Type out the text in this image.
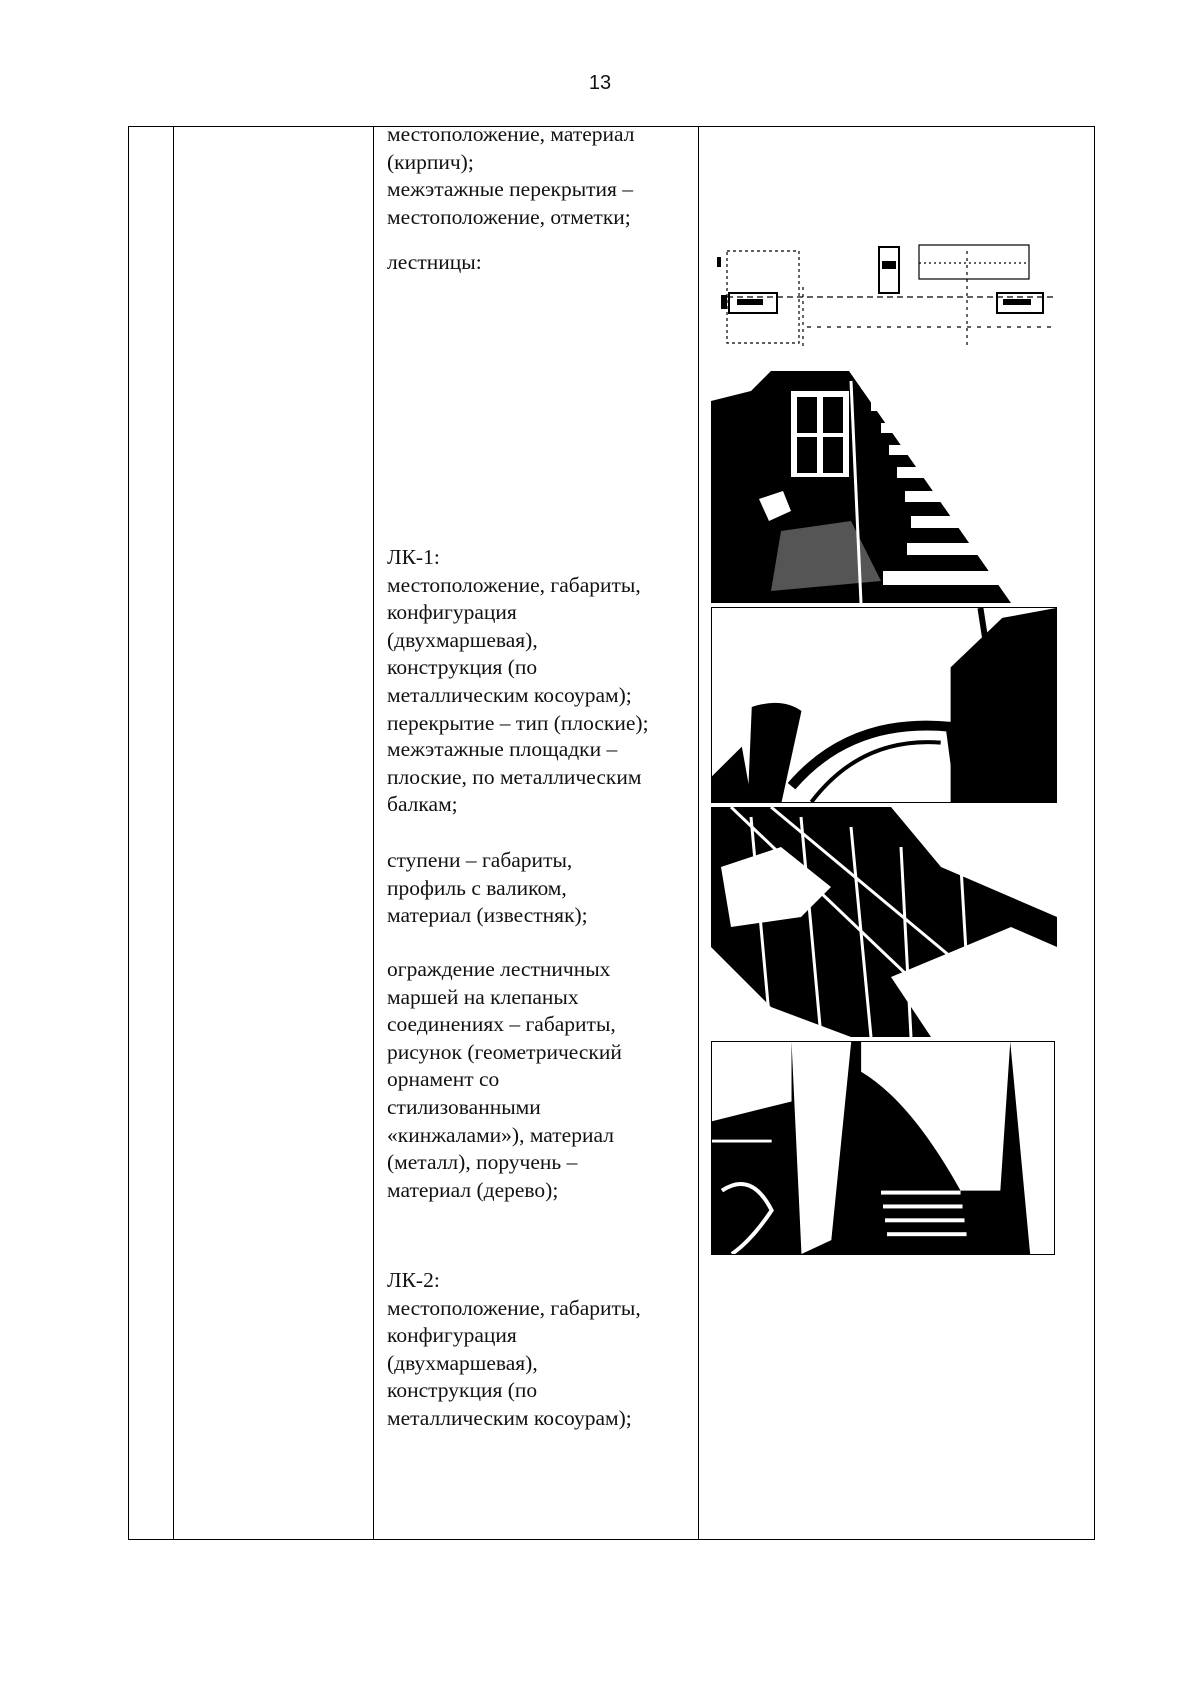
13
местоположение, материал
(кирпич);
межэтажные перекрытия –
местоположение, отметки;
лестницы:
ЛК-1:
местоположение, габариты,
конфигурация
(двухмаршевая),
конструкция (по
металлическим косоурам);
перекрытие – тип (плоские);
межэтажные площадки –
плоские, по металлическим
балкам;
ступени – габариты,
профиль с валиком,
материал (известняк);
ограждение лестничных
маршей на клепаных
соединениях – габариты,
рисунок (геометрический
орнамент со
стилизованными
«кинжалами»), материал
(металл), поручень –
материал (дерево);
ЛК-2:
местоположение, габариты,
конфигурация
(двухмаршевая),
конструкция (по
металлическим косоурам);
